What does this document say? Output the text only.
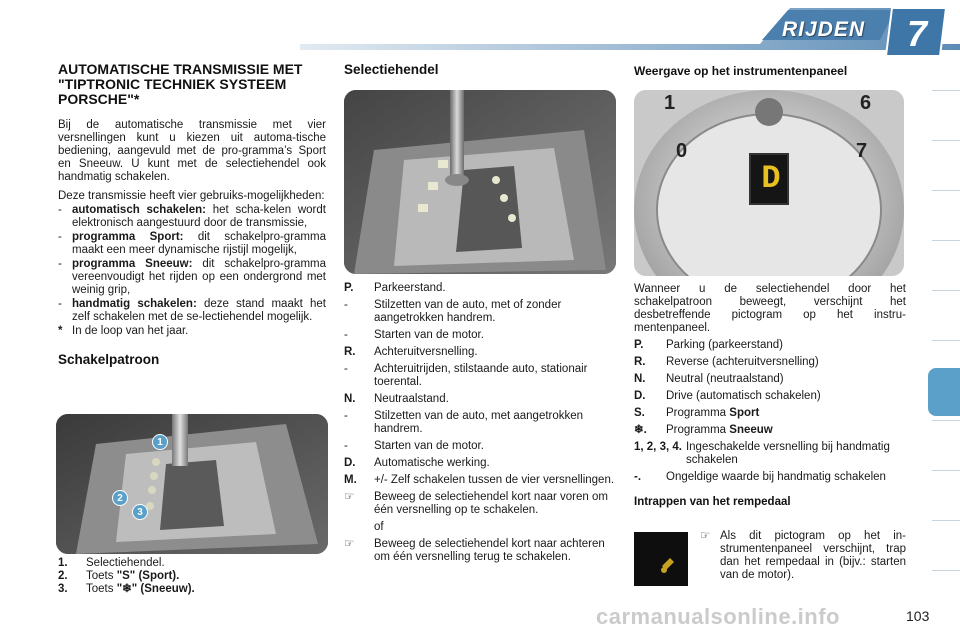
RIJDEN	7
AUTOMATISCHE TRANSMISSIE MET "TIPTRONIC TECHNIEK SYSTEEM PORSCHE"*
Bij de automatische transmissie met vier versnellingen kunt u kiezen uit automa-tische bediening, aangevuld met de pro-gramma’s Sport en Sneeuw. U kunt met de selectiehendel ook handmatig schakelen.
Deze transmissie heeft vier gebruiks-mogelijkheden:
- automatisch schakelen: het scha-kelen wordt elektronisch aangestuurd door de transmissie,
- programma Sport: dit schakelpro-gramma maakt een meer dynamische rijstijl mogelijk,
- programma Sneeuw: dit schakelpro-gramma vereenvoudigt het rijden op een ondergrond met weinig grip,
- handmatig schakelen: deze stand maakt het zelf schakelen met de se-lectiehendel mogelijk.
* In de loop van het jaar.
Schakelpatroon
1
2
3
1.	Selectiehendel.
2.	Toets "S" (Sport).
3.	Toets "❄" (Sneeuw).
Selectiehendel
P.	Parkeerstand.
-	Stilzetten van de auto, met of zonder aangetrokken handrem.
-	Starten van de motor.
R.	Achteruitversnelling.
-	Achteruitrijden, stilstaande auto, stationair toerental.
N.	Neutraalstand.
-	Stilzetten van de auto, met aangetrokken handrem.
-	Starten van de motor.
D.	Automatische werking.
M.	+/- Zelf schakelen tussen de vier versnellingen.
☞	Beweeg de selectiehendel kort naar voren om één versnelling op te schakelen.
of
☞	Beweeg de selectiehendel kort naar achteren om één versnelling terug te schakelen.
Weergave op het instrumentenpaneel
1
0
6
7
D
Wanneer u de selectiehendel door het schakelpatroon beweegt, verschijnt het desbetreffende pictogram op het instru-mentenpaneel.
P.	Parking (parkeerstand)
R.	Reverse (achteruitversnelling)
N.	Neutral (neutraalstand)
D.	Drive (automatisch schakelen)
S.	Programma Sport
❄.	Programma Sneeuw
1, 2, 3, 4. Ingeschakelde versnelling bij handmatig schakelen
-.	Ongeldige waarde bij handmatig schakelen
Intrappen van het rempedaal
☞ Als dit pictogram op het in-strumentenpaneel verschijnt, trap dan het rempedaal in (bijv.: starten van de motor).
carmanualsonline.info	103
